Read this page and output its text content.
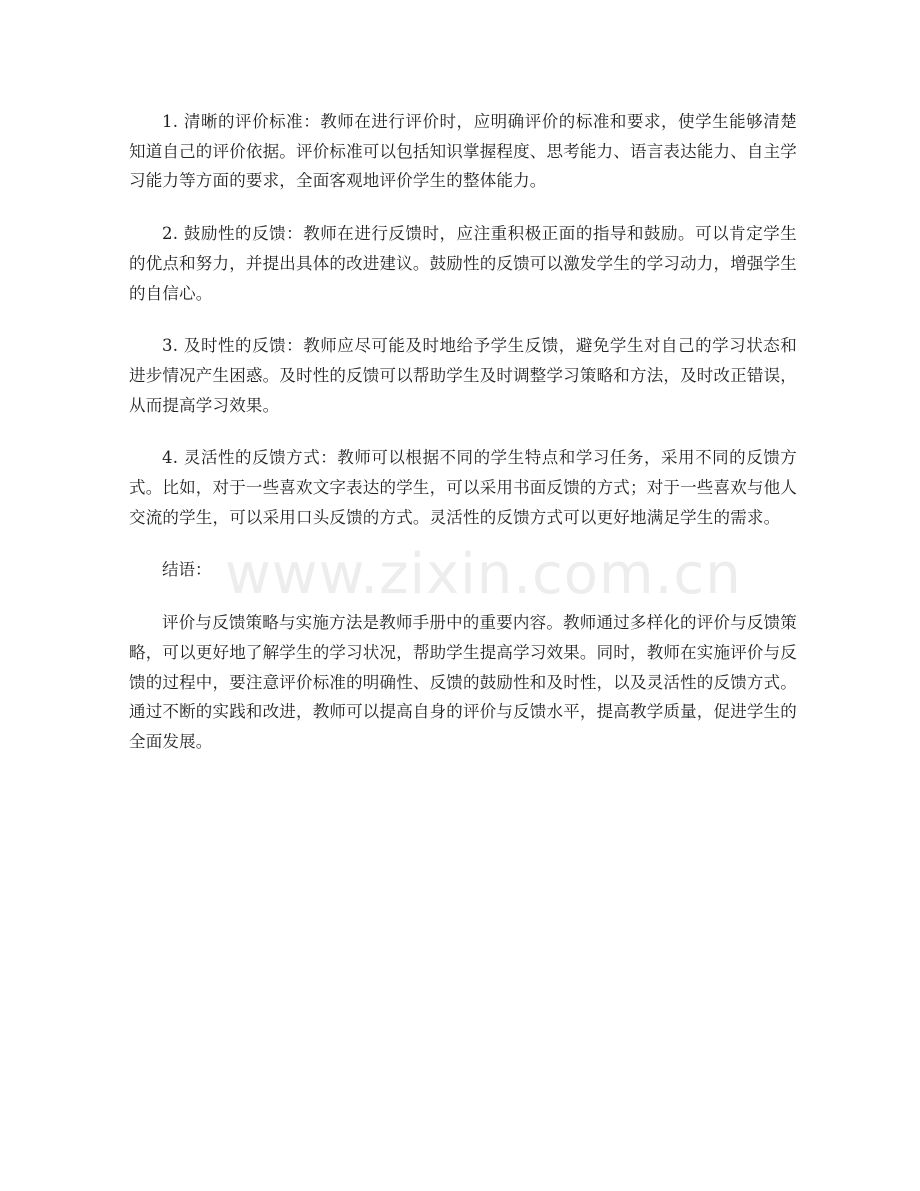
1. 清晰的评价标准：教师在进行评价时，应明确评价的标准和要求，使学生能够清楚知道自己的评价依据。评价标准可以包括知识掌握程度、思考能力、语言表达能力、自主学习能力等方面的要求，全面客观地评价学生的整体能力。

2. 鼓励性的反馈：教师在进行反馈时，应注重积极正面的指导和鼓励。可以肯定学生的优点和努力，并提出具体的改进建议。鼓励性的反馈可以激发学生的学习动力，增强学生的自信心。

3. 及时性的反馈：教师应尽可能及时地给予学生反馈，避免学生对自己的学习状态和进步情况产生困惑。及时性的反馈可以帮助学生及时调整学习策略和方法，及时改正错误，从而提高学习效果。

4. 灵活性的反馈方式：教师可以根据不同的学生特点和学习任务，采用不同的反馈方式。比如，对于一些喜欢文字表达的学生，可以采用书面反馈的方式；对于一些喜欢与他人交流的学生，可以采用口头反馈的方式。灵活性的反馈方式可以更好地满足学生的需求。

结语：

评价与反馈策略与实施方法是教师手册中的重要内容。教师通过多样化的评价与反馈策略，可以更好地了解学生的学习状况，帮助学生提高学习效果。同时，教师在实施评价与反馈的过程中，要注意评价标准的明确性、反馈的鼓励性和及时性，以及灵活性的反馈方式。通过不断的实践和改进，教师可以提高自身的评价与反馈水平，提高教学质量，促进学生的全面发展。

www.zixin.com.cn
